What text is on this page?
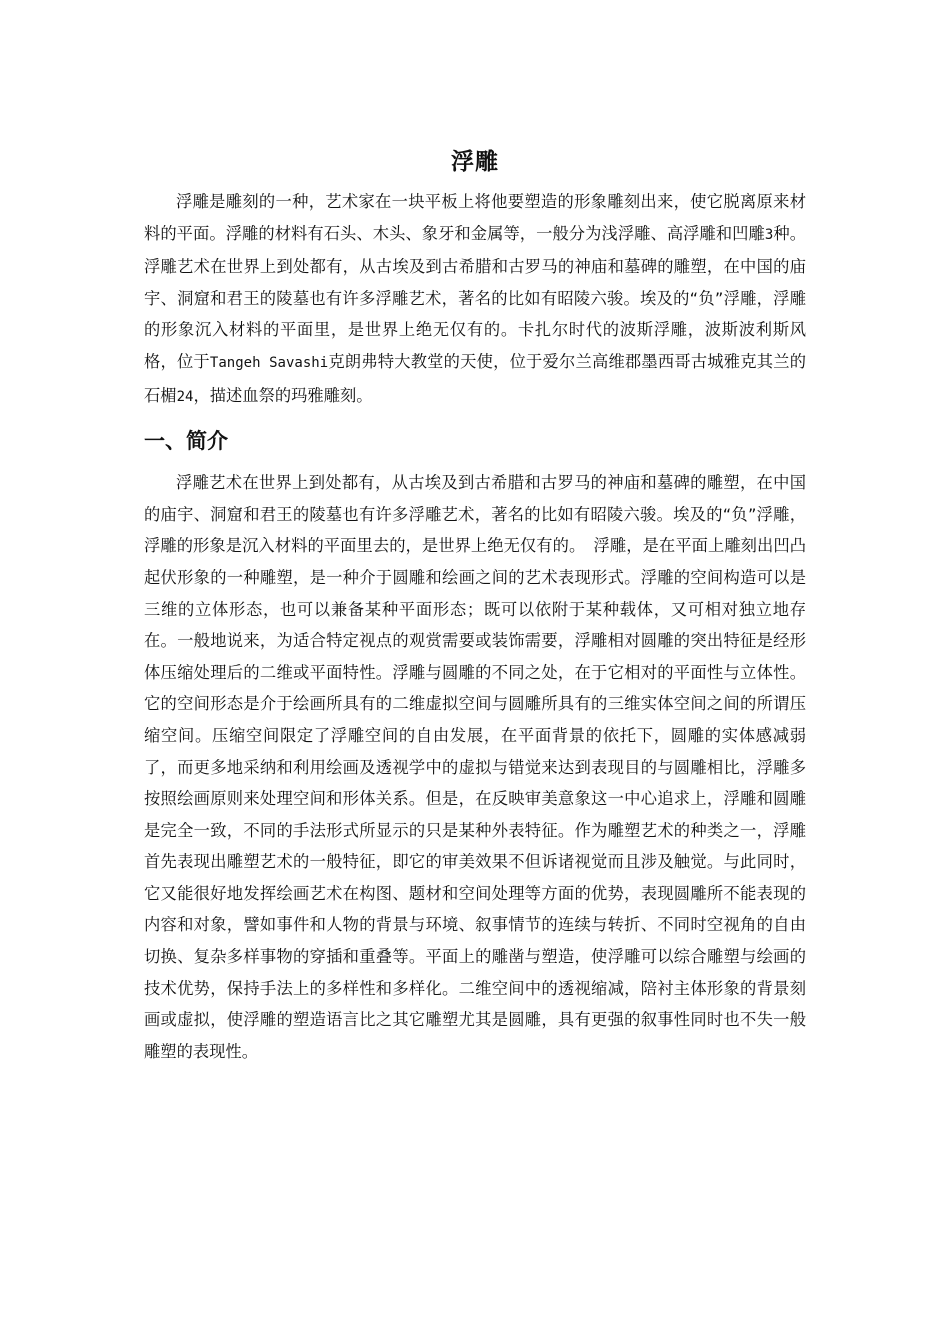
浮雕

浮雕是雕刻的一种，艺术家在一块平板上将他要塑造的形象雕刻出来，使它脱离原来材料的平面。浮雕的材料有石头、木头、象牙和金属等，一般分为浅浮雕、高浮雕和凹雕3种。浮雕艺术在世界上到处都有，从古埃及到古希腊和古罗马的神庙和墓碑的雕塑，在中国的庙宇、洞窟和君王的陵墓也有许多浮雕艺术，著名的比如有昭陵六骏。埃及的“负”浮雕，浮雕的形象沉入材料的平面里，是世界上绝无仅有的。卡扎尔时代的波斯浮雕，波斯波利斯风格，位于Tangeh Savashi克朗弗特大教堂的天使，位于爱尔兰高维郡墨西哥古城雅克其兰的石楣24，描述血祭的玛雅雕刻。

一、简介

浮雕艺术在世界上到处都有，从古埃及到古希腊和古罗马的神庙和墓碑的雕塑，在中国的庙宇、洞窟和君王的陵墓也有许多浮雕艺术，著名的比如有昭陵六骏。埃及的“负”浮雕，浮雕的形象是沉入材料的平面里去的，是世界上绝无仅有的。　浮雕，是在平面上雕刻出凹凸起伏形象的一种雕塑，是一种介于圆雕和绘画之间的艺术表现形式。浮雕的空间构造可以是三维的立体形态，也可以兼备某种平面形态；既可以依附于某种载体，又可相对独立地存在。一般地说来，为适合特定视点的观赏需要或装饰需要，浮雕相对圆雕的突出特征是经形体压缩处理后的二维或平面特性。浮雕与圆雕的不同之处，在于它相对的平面性与立体性。它的空间形态是介于绘画所具有的二维虚拟空间与圆雕所具有的三维实体空间之间的所谓压缩空间。压缩空间限定了浮雕空间的自由发展，在平面背景的依托下，圆雕的实体感减弱了，而更多地采纳和利用绘画及透视学中的虚拟与错觉来达到表现目的与圆雕相比，浮雕多按照绘画原则来处理空间和形体关系。但是，在反映审美意象这一中心追求上，浮雕和圆雕是完全一致，不同的手法形式所显示的只是某种外表特征。作为雕塑艺术的种类之一，浮雕首先表现出雕塑艺术的一般特征，即它的审美效果不但诉诸视觉而且涉及触觉。与此同时，它又能很好地发挥绘画艺术在构图、题材和空间处理等方面的优势，表现圆雕所不能表现的内容和对象，譬如事件和人物的背景与环境、叙事情节的连续与转折、不同时空视角的自由切换、复杂多样事物的穿插和重叠等。平面上的雕凿与塑造，使浮雕可以综合雕塑与绘画的技术优势，保持手法上的多样性和多样化。二维空间中的透视缩减，陪衬主体形象的背景刻画或虚拟，使浮雕的塑造语言比之其它雕塑尤其是圆雕，具有更强的叙事性同时也不失一般雕塑的表现性。
